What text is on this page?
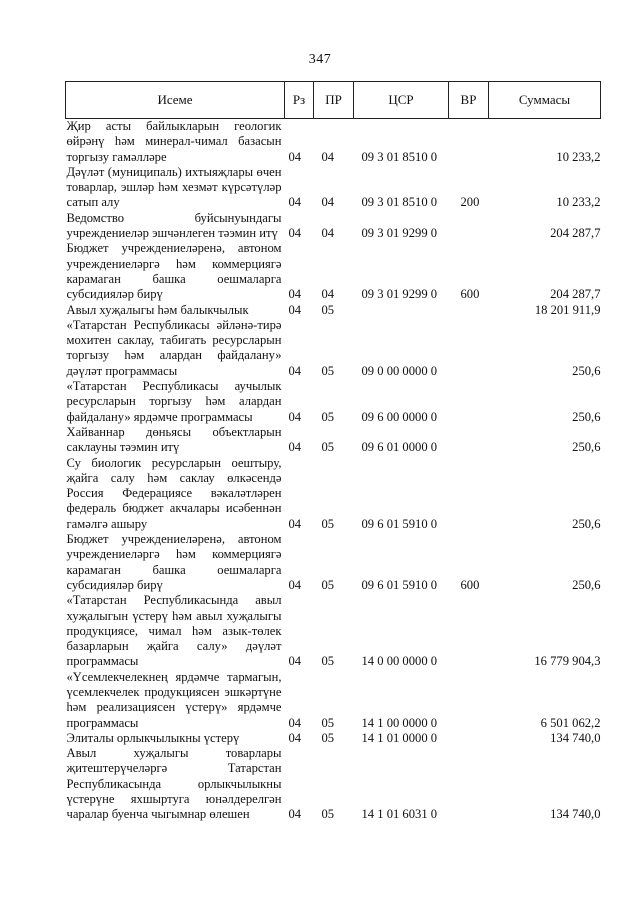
347
Исеме	Рз	ПР	ЦСР	ВР	Суммасы
Җир асты байлыкларын геологик өйрәнү һәм минерал-чимал базасын торгызу гамәлләре	04	04	09 3 01 8510 0		10 233,2
Дәүләт (муниципаль) ихтыяҗлары өчен товарлар, эшләр һәм хезмәт күрсәтүләр сатып алу	04	04	09 3 01 8510 0	200	10 233,2
Ведомство буйсынуындагы учреждениеләр эшчәнлеген тәэмин итү	04	04	09 3 01 9299 0		204 287,7
Бюджет учреждениеләренә, автоном учреждениеләргә һәм коммерциягә карамаган башка оешмаларга субсидияләр бирү	04	04	09 3 01 9299 0	600	204 287,7
Авыл хуҗалыгы һәм балыкчылык	04	05			18 201 911,9
«Татарстан Республикасы әйләнә-тирә мохитен саклау, табигать ресурсларын торгызу һәм алардан файдалану» дәүләт программасы	04	05	09 0 00 0000 0		250,6
«Татарстан Республикасы аучылык ресурсларын торгызу һәм алардан файдалану» ярдәмче программасы	04	05	09 6 00 0000 0		250,6
Хайваннар дөньясы объектларын саклауны тәэмин итү	04	05	09 6 01 0000 0		250,6
Су биологик ресурсларын оештыру, җайга салу һәм саклау өлкәсендә Россия Федерациясе вәкаләтләрен федераль бюджет акчалары исәбеннән гамәлгә ашыру	04	05	09 6 01 5910 0		250,6
Бюджет учреждениеләренә, автоном учреждениеләргә һәм коммерциягә карамаган башка оешмаларга субсидияләр бирү	04	05	09 6 01 5910 0	600	250,6
«Татарстан Республикасында авыл хуҗалыгын үстерү һәм авыл хуҗалыгы продукциясе, чимал һәм азык-төлек базарларын җайга салу» дәүләт программасы	04	05	14 0 00 0000 0		16 779 904,3
«Үсемлекчелекнең ярдәмче тармагын, үсемлекчелек продукциясен эшкәртүне һәм реализациясен үстерү» ярдәмче программасы	04	05	14 1 00 0000 0		6 501 062,2
Элиталы орлыкчылыкны үстерү	04	05	14 1 01 0000 0		134 740,0
Авыл хуҗалыгы товарлары җитештерүчеләргә Татарстан Республикасында орлыкчылыкны үстерүне яхшыртуга юнәлдерелгән чаралар буенча чыгымнар өлешен	04	05	14 1 01 6031 0		134 740,0
